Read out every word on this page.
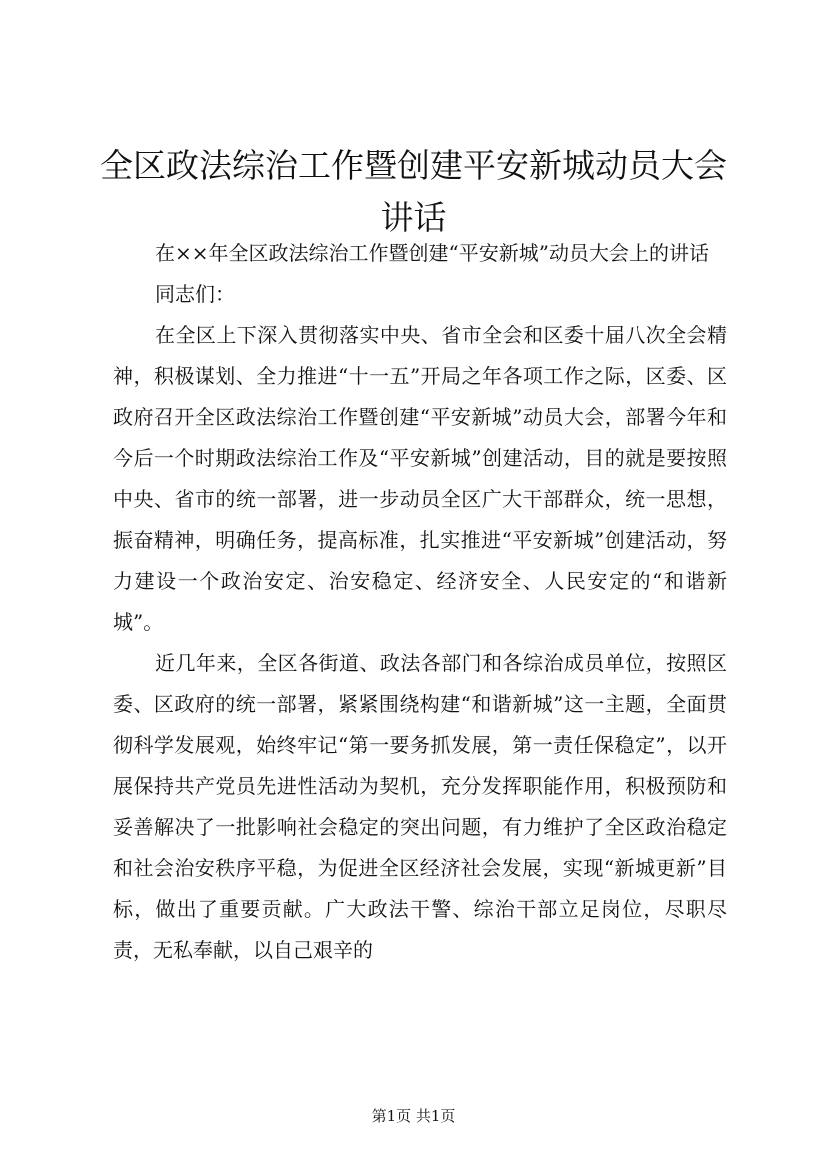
全区政法综治工作暨创建平安新城动员大会讲话

在××年全区政法综治工作暨创建“平安新城”动员大会上的讲话

同志们：

在全区上下深入贯彻落实中央、省市全会和区委十届八次全会精神，积极谋划、全力推进“十一五”开局之年各项工作之际，区委、区政府召开全区政法综治工作暨创建“平安新城”动员大会，部署今年和今后一个时期政法综治工作及“平安新城”创建活动，目的就是要按照中央、省市的统一部署，进一步动员全区广大干部群众，统一思想，振奋精神，明确任务，提高标准，扎实推进“平安新城”创建活动，努力建设一个政治安定、治安稳定、经济安全、人民安定的“和谐新城”。

近几年来，全区各街道、政法各部门和各综治成员单位，按照区委、区政府的统一部署，紧紧围绕构建“和谐新城”这一主题，全面贯彻科学发展观，始终牢记“第一要务抓发展，第一责任保稳定”，以开展保持共产党员先进性活动为契机，充分发挥职能作用，积极预防和妥善解决了一批影响社会稳定的突出问题，有力维护了全区政治稳定和社会治安秩序平稳，为促进全区经济社会发展，实现“新城更新”目标，做出了重要贡献。广大政法干警、综治干部立足岗位，尽职尽责，无私奉献，以自己艰辛的

第1页 共1页
